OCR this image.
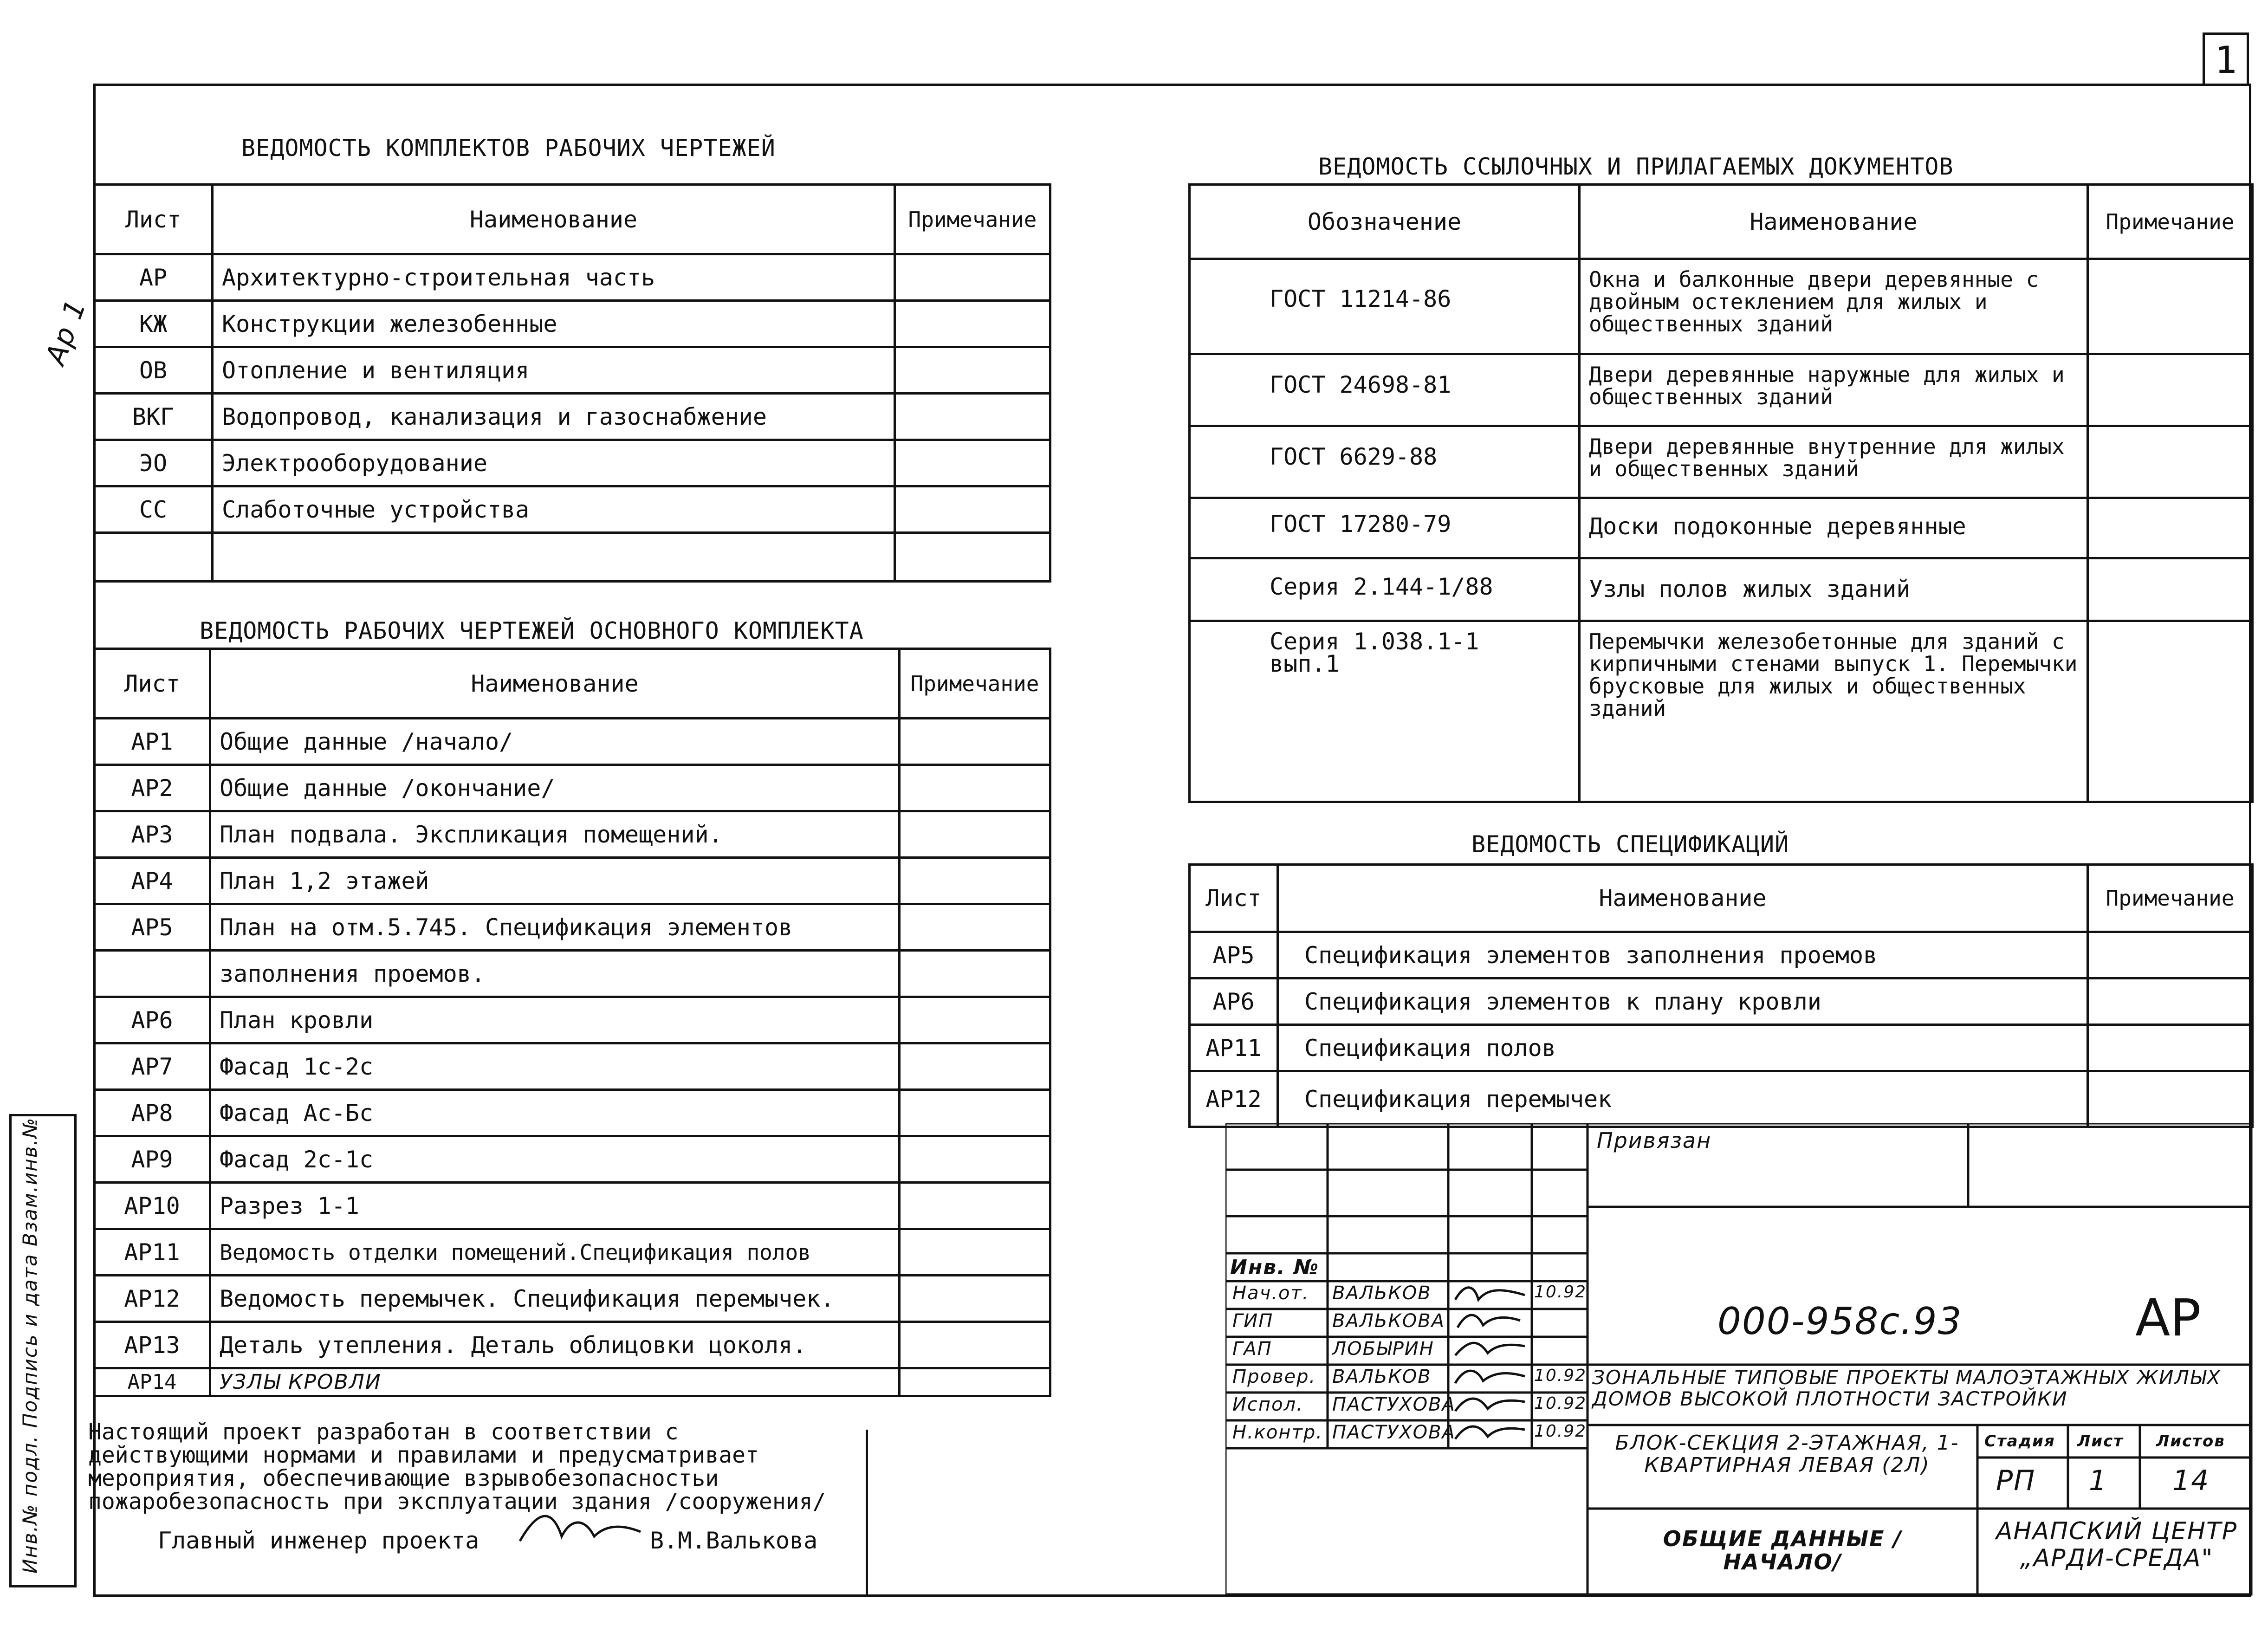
1
Инв.№ подл. Подпись и дата Взам.инв.№
Ар 1
ВЕДОМОСТЬ КОМПЛЕКТОВ РАБОЧИХ ЧЕРТЕЖЕЙ
Лист	Наименование	Примечание
АР	Архитектурно-строительная часть	
КЖ	Конструкции железобенные	
ОВ	Отопление и вентиляция	
ВКГ	Водопровод, канализация и газоснабжение	
ЭО	Электрооборудование	
СС	Слаботочные устройства	

ВЕДОМОСТЬ РАБОЧИХ ЧЕРТЕЖЕЙ ОСНОВНОГО КОМПЛЕКТА
Лист	Наименование	Примечание
АР1	Общие данные /начало/	
АР2	Общие данные /окончание/	
АР3	План подвала. Экспликация помещений.	
АР4	План 1,2 этажей	
АР5	План на отм.5.745. Спецификация элементов	
	заполнения проемов.	
АР6	План кровли	
АР7	Фасад 1с-2с	
АР8	Фасад Ас-Бс	
АР9	Фасад 2с-1с	
АР10	Разрез 1-1	
АР11	Ведомость отделки помещений.Спецификация полов	
АР12	Ведомость перемычек. Спецификация перемычек.	
АР13	Деталь утепления. Деталь облицовки цоколя.	
АР14	УЗЛЫ КРОВЛИ	
Настоящий проект разработан в соответствии с действующими нормами и правилами и предусматривает мероприятия, обеспечивающие взрывобезопасностьи пожаробезопасность при эксплуатации здания /сооружения/
Главный инженер проекта	В.М.Валькова
ВЕДОМОСТЬ ССЫЛОЧНЫХ И ПРИЛАГАЕМЫХ ДОКУМЕНТОВ
Обозначение	Наименование	Примечание
ГОСТ 11214-86	Окна и балконные двери деревянные с двойным остеклением для жилых и общественных зданий	
ГОСТ 24698-81	Двери деревянные наружные для жилых и общественных зданий	
ГОСТ 6629-88	Двери деревянные внутренние для жилых и общественных зданий	
ГОСТ 17280-79	Доски подоконные деревянные	
Серия 2.144-1/88	Узлы полов жилых зданий	
Серия 1.038.1-1 вып.1	Перемычки железобетонные для зданий с кирпичными стенами выпуск 1. Перемычки брусковые для жилых и общественных зданий	
ВЕДОМОСТЬ СПЕЦИФИКАЦИЙ
Лист	Наименование	Примечание
АР5	Спецификация элементов заполнения проемов	
АР6	Спецификация элементов к плану кровли	
АР11	Спецификация полов	
АР12	Спецификация перемычек	
Привязан
Инв. №
Нач.от. ВАЛЬКОВ	10.92
ГИП	ВАЛЬКОВА
ГАП	ЛОБЫРИН
Провер. ВАЛЬКОВ	10.92
Испол. ПАСТУХОВА	10.92
Н.контр. ПАСТУХОВА	10.92
000-958с.93	АР
ЗОНАЛЬНЫЕ ТИПОВЫЕ ПРОЕКТЫ МАЛОЭТАЖНЫХ ЖИЛЫХ ДОМОВ ВЫСОКОЙ ПЛОТНОСТИ ЗАСТРОЙКИ
БЛОК-СЕКЦИЯ 2-ЭТАЖНАЯ, 1-КВАРТИРНАЯ ЛЕВАЯ (2Л)
Стадия Лист Листов
РП 1 14
ОБЩИЕ ДАННЫЕ /НАЧАЛО/
АНАПСКИЙ ЦЕНТР „АРДИ-СРЕДА"
